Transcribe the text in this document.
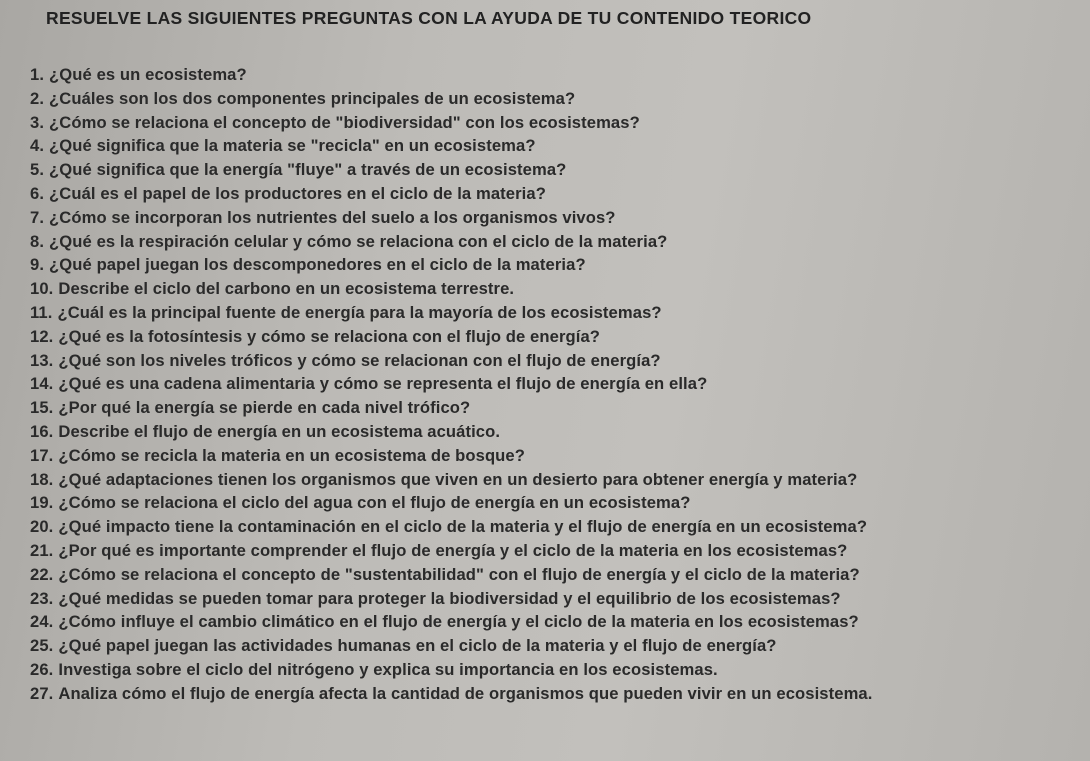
RESUELVE LAS SIGUIENTES PREGUNTAS CON LA AYUDA DE TU CONTENIDO TEORICO
1. ¿Qué es un ecosistema?
2. ¿Cuáles son los dos componentes principales de un ecosistema?
3. ¿Cómo se relaciona el concepto de "biodiversidad" con los ecosistemas?
4. ¿Qué significa que la materia se "recicla" en un ecosistema?
5. ¿Qué significa que la energía "fluye" a través de un ecosistema?
6. ¿Cuál es el papel de los productores en el ciclo de la materia?
7. ¿Cómo se incorporan los nutrientes del suelo a los organismos vivos?
8. ¿Qué es la respiración celular y cómo se relaciona con el ciclo de la materia?
9. ¿Qué papel juegan los descomponedores en el ciclo de la materia?
10. Describe el ciclo del carbono en un ecosistema terrestre.
11. ¿Cuál es la principal fuente de energía para la mayoría de los ecosistemas?
12. ¿Qué es la fotosíntesis y cómo se relaciona con el flujo de energía?
13. ¿Qué son los niveles tróficos y cómo se relacionan con el flujo de energía?
14. ¿Qué es una cadena alimentaria y cómo se representa el flujo de energía en ella?
15. ¿Por qué la energía se pierde en cada nivel trófico?
16. Describe el flujo de energía en un ecosistema acuático.
17. ¿Cómo se recicla la materia en un ecosistema de bosque?
18. ¿Qué adaptaciones tienen los organismos que viven en un desierto para obtener energía y materia?
19. ¿Cómo se relaciona el ciclo del agua con el flujo de energía en un ecosistema?
20. ¿Qué impacto tiene la contaminación en el ciclo de la materia y el flujo de energía en un ecosistema?
21. ¿Por qué es importante comprender el flujo de energía y el ciclo de la materia en los ecosistemas?
22. ¿Cómo se relaciona el concepto de "sustentabilidad" con el flujo de energía y el ciclo de la materia?
23. ¿Qué medidas se pueden tomar para proteger la biodiversidad y el equilibrio de los ecosistemas?
24. ¿Cómo influye el cambio climático en el flujo de energía y el ciclo de la materia en los ecosistemas?
25. ¿Qué papel juegan las actividades humanas en el ciclo de la materia y el flujo de energía?
26. Investiga sobre el ciclo del nitrógeno y explica su importancia en los ecosistemas.
27. Analiza cómo el flujo de energía afecta la cantidad de organismos que pueden vivir en un ecosistema.
